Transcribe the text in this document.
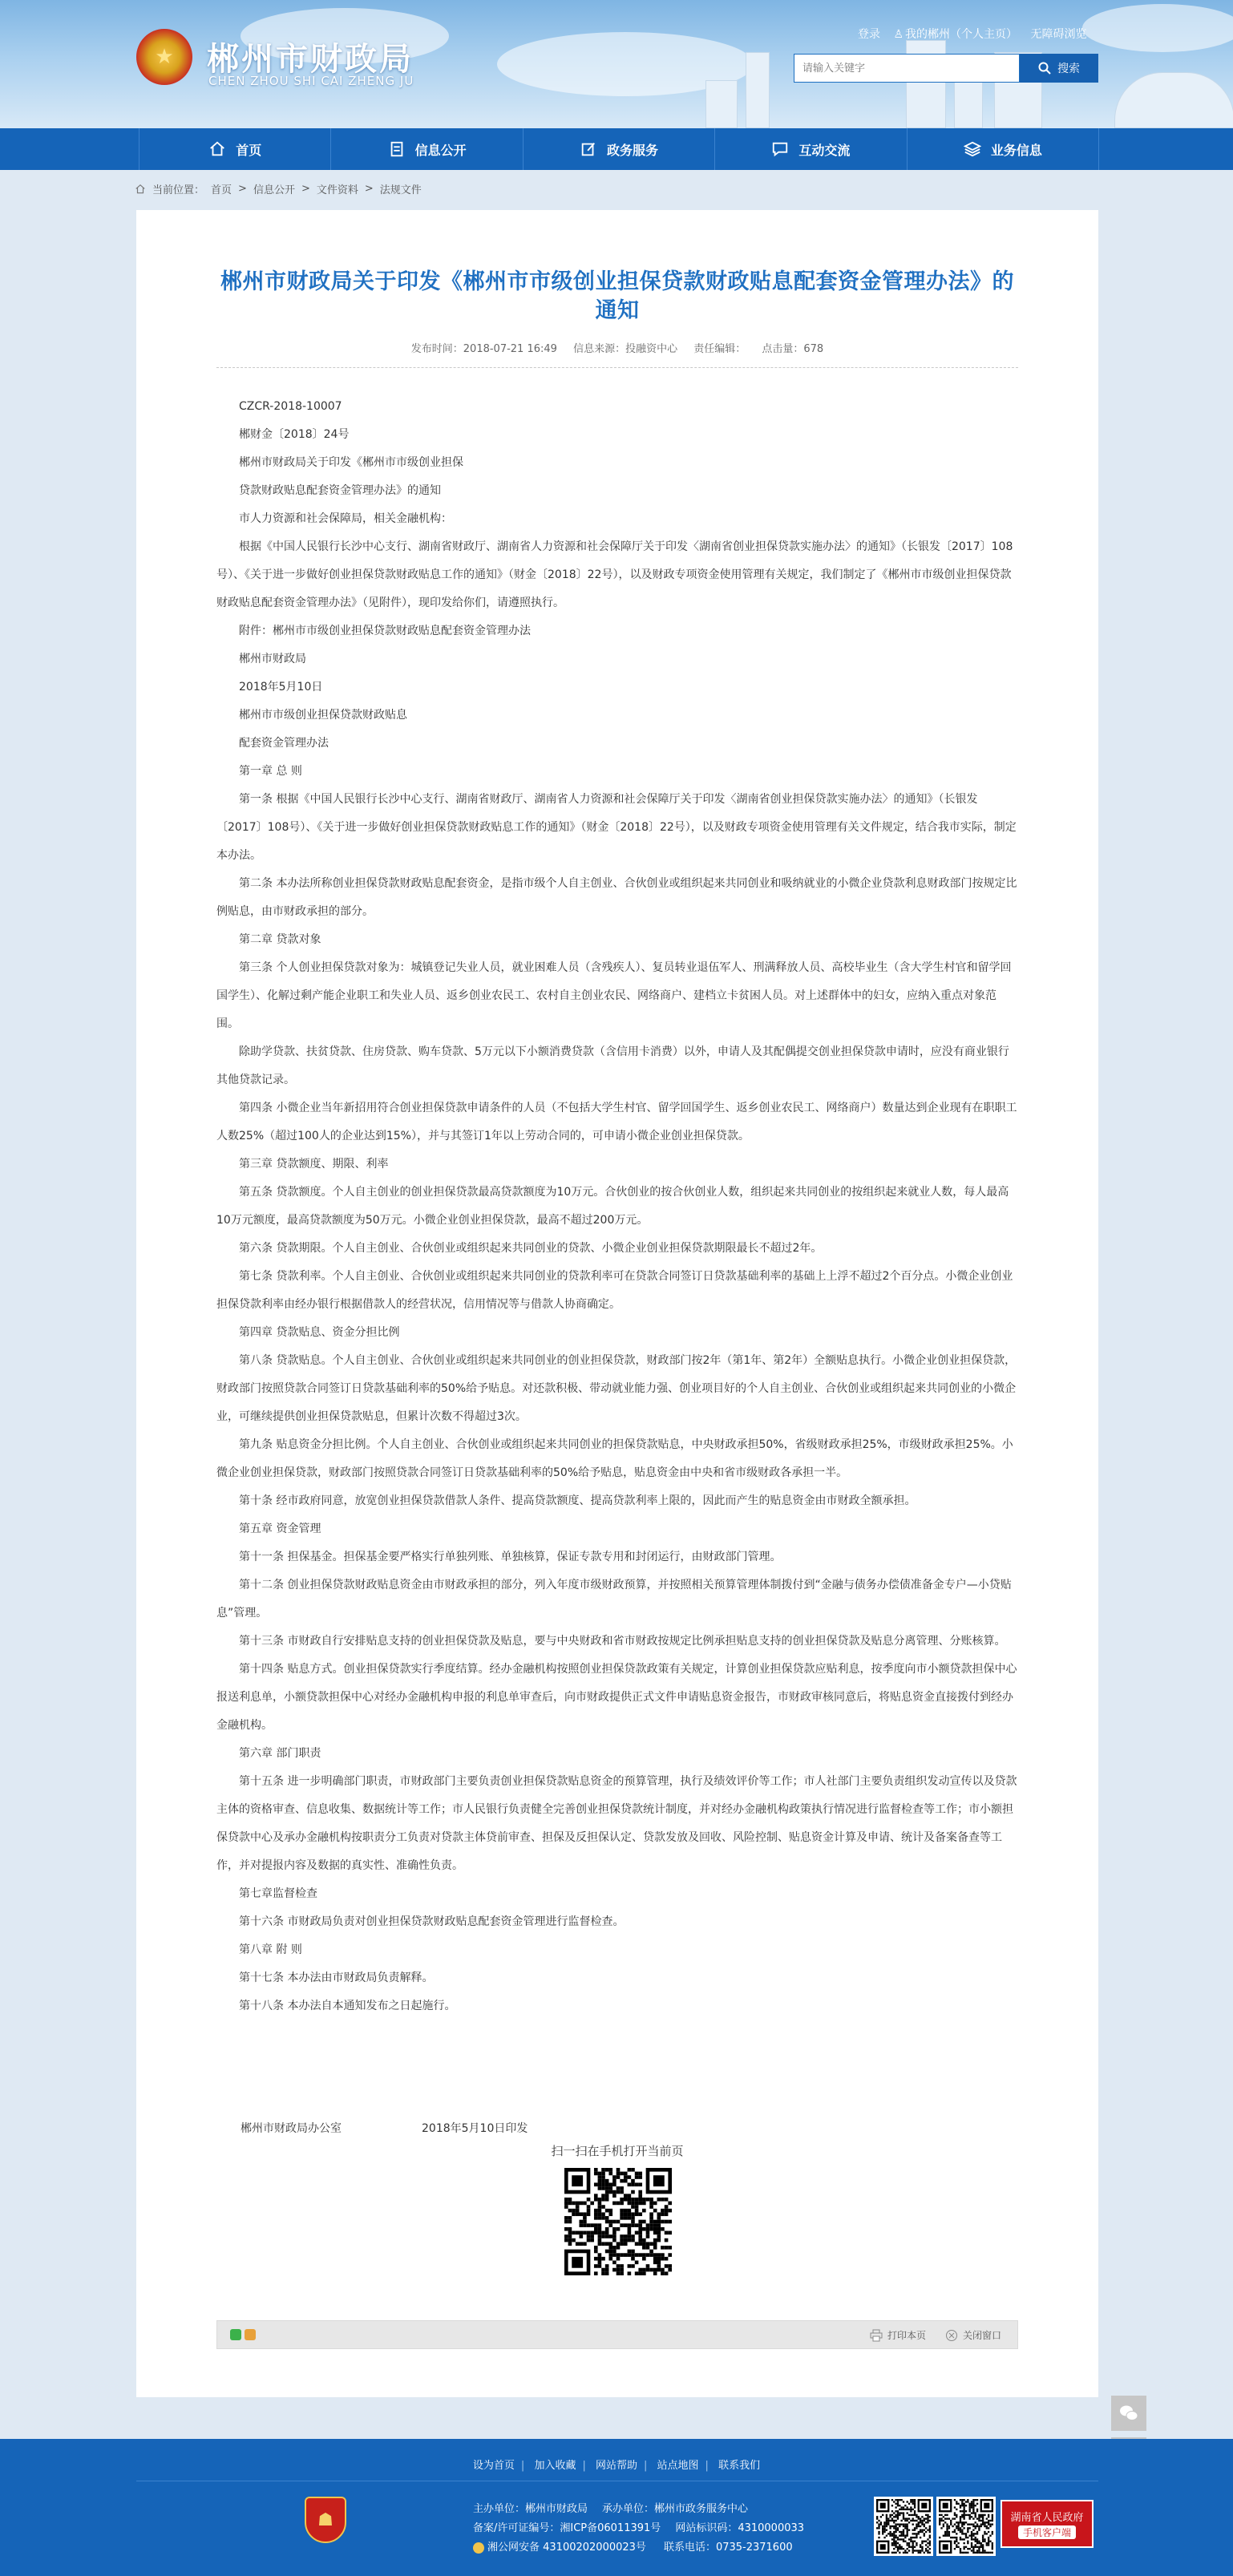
★	郴州市财政局
CHEN ZHOU SHI CAI ZHENG JU
登录 ♙ 我的郴州（个人主页） 无障碍浏览
请输入关键字
搜索
首页	信息公开	政务服务	互动交流	业务信息
当前位置： 首页 > 信息公开 > 文件资料 > 法规文件
郴州市财政局关于印发《郴州市市级创业担保贷款财政贴息配套资金管理办法》的通知
发布时间：2018-07-21 16:49 信息来源：投融资中心 责任编辑： 点击量：678

CZCR-2018-10007

郴财金〔2018〕24号

郴州市财政局关于印发《郴州市市级创业担保

贷款财政贴息配套资金管理办法》的通知

市人力资源和社会保障局，相关金融机构：

根据《中国人民银行长沙中心支行、湖南省财政厅、湖南省人力资源和社会保障厅关于印发〈湖南省创业担保贷款实施办法〉的通知》（长银发〔2017〕108号）、《关于进一步做好创业担保贷款财政贴息工作的通知》（财金〔2018〕22号），以及财政专项资金使用管理有关规定，我们制定了《郴州市市级创业担保贷款财政贴息配套资金管理办法》（见附件），现印发给你们，请遵照执行。

附件：郴州市市级创业担保贷款财政贴息配套资金管理办法

郴州市财政局

2018年5月10日

郴州市市级创业担保贷款财政贴息

配套资金管理办法

第一章 总 则

第一条 根据《中国人民银行长沙中心支行、湖南省财政厅、湖南省人力资源和社会保障厅关于印发〈湖南省创业担保贷款实施办法〉的通知》（长银发〔2017〕108号）、《关于进一步做好创业担保贷款财政贴息工作的通知》（财金〔2018〕22号），以及财政专项资金使用管理有关文件规定，结合我市实际，制定本办法。

第二条 本办法所称创业担保贷款财政贴息配套资金，是指市级个人自主创业、合伙创业或组织起来共同创业和吸纳就业的小微企业贷款利息财政部门按规定比例贴息，由市财政承担的部分。

第二章 贷款对象

第三条 个人创业担保贷款对象为：城镇登记失业人员，就业困难人员（含残疾人）、复员转业退伍军人、刑满释放人员、高校毕业生（含大学生村官和留学回国学生）、化解过剩产能企业职工和失业人员、返乡创业农民工、农村自主创业农民、网络商户、建档立卡贫困人员。对上述群体中的妇女，应纳入重点对象范围。

除助学贷款、扶贫贷款、住房贷款、购车贷款、5万元以下小额消费贷款（含信用卡消费）以外，申请人及其配偶提交创业担保贷款申请时，应没有商业银行其他贷款记录。

第四条 小微企业当年新招用符合创业担保贷款申请条件的人员（不包括大学生村官、留学回国学生、返乡创业农民工、网络商户）数量达到企业现有在职职工人数25%（超过100人的企业达到15%），并与其签订1年以上劳动合同的，可申请小微企业创业担保贷款。

第三章 贷款额度、期限、利率

第五条 贷款额度。个人自主创业的创业担保贷款最高贷款额度为10万元。合伙创业的按合伙创业人数，组织起来共同创业的按组织起来就业人数，每人最高10万元额度，最高贷款额度为50万元。小微企业创业担保贷款，最高不超过200万元。

第六条 贷款期限。个人自主创业、合伙创业或组织起来共同创业的贷款、小微企业创业担保贷款期限最长不超过2年。

第七条 贷款利率。个人自主创业、合伙创业或组织起来共同创业的贷款利率可在贷款合同签订日贷款基础利率的基础上上浮不超过2个百分点。小微企业创业担保贷款利率由经办银行根据借款人的经营状况，信用情况等与借款人协商确定。

第四章 贷款贴息、资金分担比例

第八条 贷款贴息。个人自主创业、合伙创业或组织起来共同创业的创业担保贷款，财政部门按2年（第1年、第2年）全额贴息执行。小微企业创业担保贷款，财政部门按照贷款合同签订日贷款基础利率的50%给予贴息。对还款积极、带动就业能力强、创业项目好的个人自主创业、合伙创业或组织起来共同创业的小微企业，可继续提供创业担保贷款贴息，但累计次数不得超过3次。

第九条 贴息资金分担比例。个人自主创业、合伙创业或组织起来共同创业的担保贷款贴息，中央财政承担50%，省级财政承担25%，市级财政承担25%。小微企业创业担保贷款，财政部门按照贷款合同签订日贷款基础利率的50%给予贴息，贴息资金由中央和省市级财政各承担一半。

第十条 经市政府同意，放宽创业担保贷款借款人条件、提高贷款额度、提高贷款利率上限的，因此而产生的贴息资金由市财政全额承担。

第五章 资金管理

第十一条 担保基金。担保基金要严格实行单独列账、单独核算，保证专款专用和封闭运行，由财政部门管理。

第十二条 创业担保贷款财政贴息资金由市财政承担的部分，列入年度市级财政预算，并按照相关预算管理体制拨付到“金融与债务办偿债准备金专户—小贷贴息”管理。

第十三条 市财政自行安排贴息支持的创业担保贷款及贴息，要与中央财政和省市财政按规定比例承担贴息支持的创业担保贷款及贴息分离管理、分账核算。

第十四条 贴息方式。创业担保贷款实行季度结算。经办金融机构按照创业担保贷款政策有关规定，计算创业担保贷款应贴利息，按季度向市小额贷款担保中心报送利息单，小额贷款担保中心对经办金融机构申报的利息单审查后，向市财政提供正式文件申请贴息资金报告，市财政审核同意后，将贴息资金直接拨付到经办金融机构。

第六章 部门职责

第十五条 进一步明确部门职责，市财政部门主要负责创业担保贷款贴息资金的预算管理，执行及绩效评价等工作；市人社部门主要负责组织发动宣传以及贷款主体的资格审查、信息收集、数据统计等工作；市人民银行负责健全完善创业担保贷款统计制度，并对经办金融机构政策执行情况进行监督检查等工作；市小额担保贷款中心及承办金融机构按职责分工负责对贷款主体贷前审查、担保及反担保认定、贷款发放及回收、风险控制、贴息资金计算及申请、统计及备案备查等工作，并对提报内容及数据的真实性、准确性负责。

第七章监督检查

第十六条 市财政局负责对创业担保贷款财政贴息配套资金管理进行监督检查。

第八章 附 则

第十七条 本办法由市财政局负责解释。

第十八条 本办法自本通知发布之日起施行。

郴州市财政局办公室	2018年5月10日印发
扫一扫在手机打开当前页
打印本页	关闭窗口
设为首页 | 加入收藏 | 网站帮助 | 站点地图 | 联系我们
☗
主办单位：郴州市财政局 承办单位：郴州市政务服务中心
备案/许可证编号：湘ICP备06011391号 网站标识码：4310000033
湘公网安备 43100202000023号 联系电话：0735-2371600
湖南省人民政府
手机客户端
